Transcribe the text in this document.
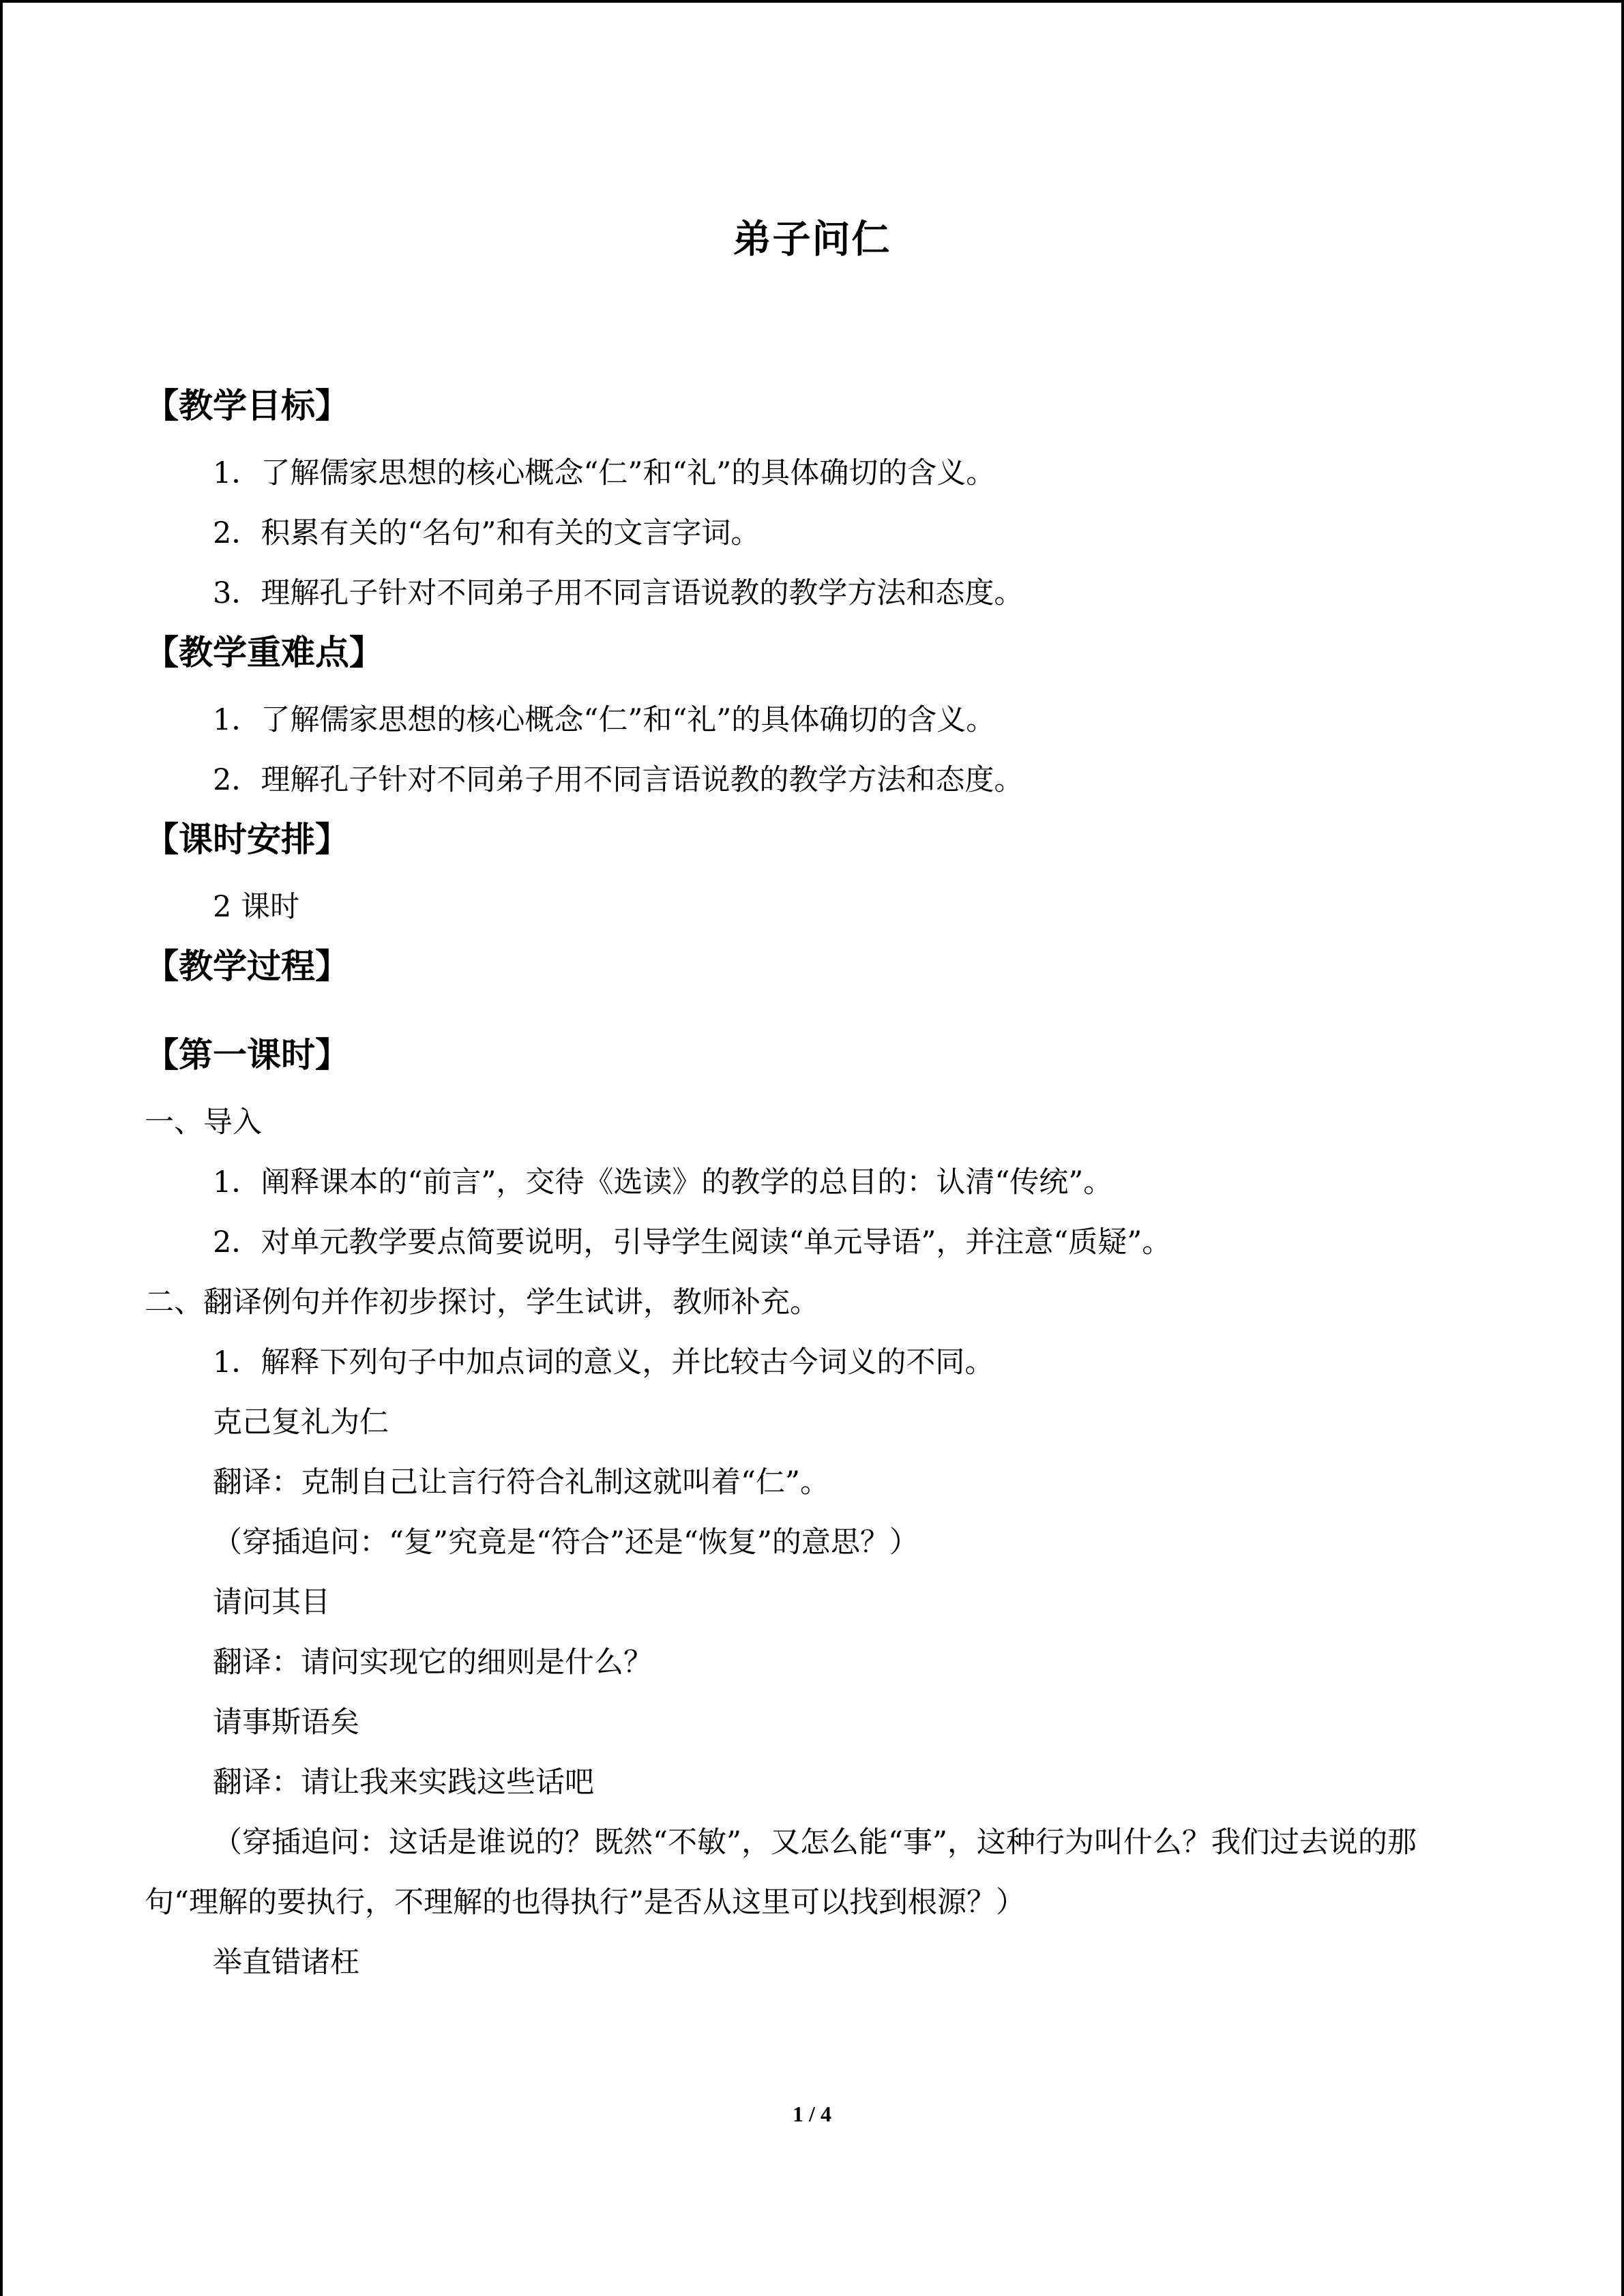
弟子问仁
【教学目标】
1．了解儒家思想的核心概念“仁”和“礼”的具体确切的含义。
2．积累有关的“名句”和有关的文言字词。
3．理解孔子针对不同弟子用不同言语说教的教学方法和态度。
【教学重难点】
1．了解儒家思想的核心概念“仁”和“礼”的具体确切的含义。
2．理解孔子针对不同弟子用不同言语说教的教学方法和态度。
【课时安排】
2 课时
【教学过程】
【第一课时】
一、导入
1．阐释课本的“前言”，交待《选读》的教学的总目的：认清“传统”。
2．对单元教学要点简要说明，引导学生阅读“单元导语”，并注意“质疑”。
二、翻译例句并作初步探讨，学生试讲，教师补充。
1．解释下列句子中加点词的意义，并比较古今词义的不同。
克己复礼为仁
翻译：克制自己让言行符合礼制这就叫着“仁”。
（穿插追问：“复”究竟是“符合”还是“恢复”的意思？）
请问其目
翻译：请问实现它的细则是什么？
请事斯语矣
翻译：请让我来实践这些话吧
（穿插追问：这话是谁说的？既然“不敏”，又怎么能“事”，这种行为叫什么？我们过去说的那句“理解的要执行，不理解的也得执行”是否从这里可以找到根源？）
举直错诸枉
1 / 4
